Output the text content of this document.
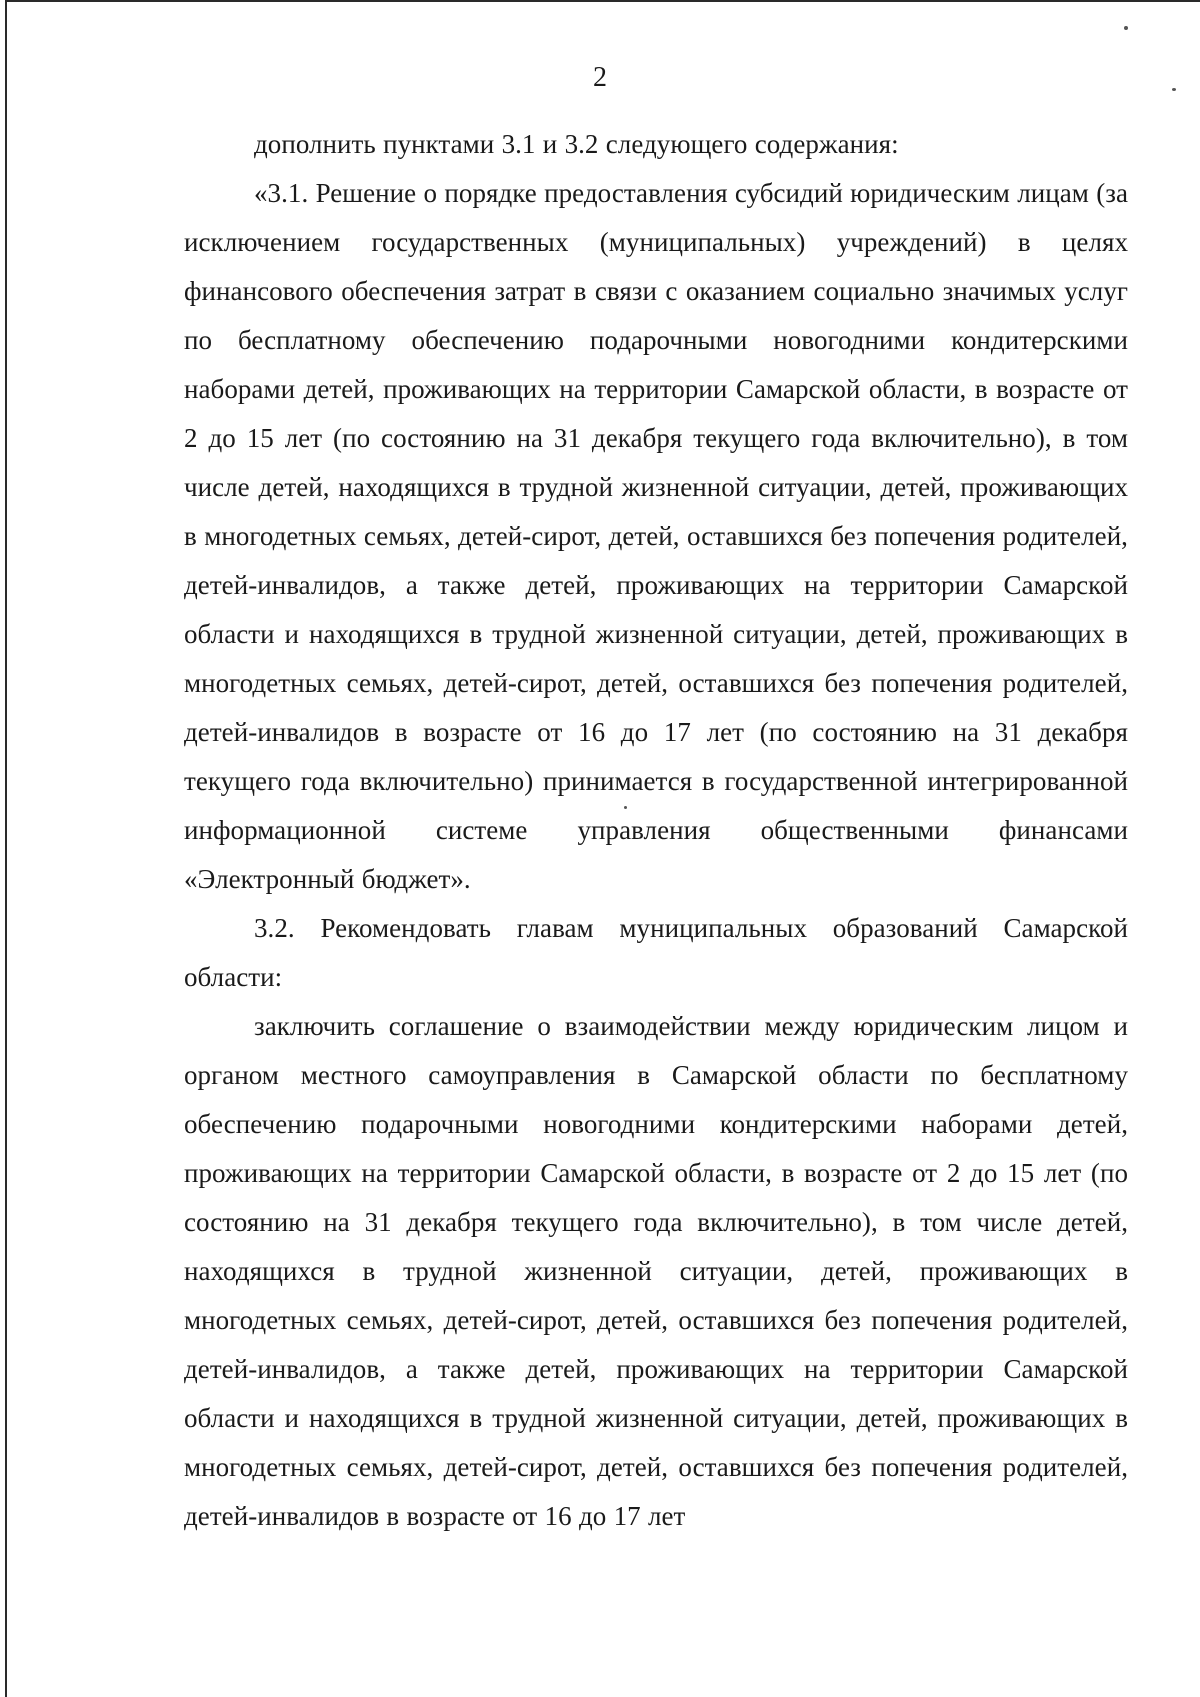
2

дополнить пунктами 3.1 и 3.2 следующего содержания:

«3.1. Решение о порядке предоставления субсидий юридическим лицам (за исключением государственных (муниципальных) учреждений) в целях финансового обеспечения затрат в связи с оказанием социально значимых услуг по бесплатному обеспечению подарочными новогодними кондитерскими наборами детей, проживающих на территории Самарской области, в возрасте от 2 до 15 лет (по состоянию на 31 декабря текущего года включительно), в том числе детей, находящихся в трудной жизненной ситуации, детей, проживающих в многодетных семьях, детей-сирот, детей, оставшихся без попечения родителей, детей-инвалидов, а также детей, проживающих на территории Самарской области и находящихся в трудной жизненной ситуации, детей, проживающих в многодетных семьях, детей-сирот, детей, оставшихся без попечения родителей, детей-инвалидов в возрасте от 16 до 17 лет (по состоянию на 31 декабря текущего года включительно) принимается в государственной интегрированной информационной системе управления общественными финансами «Электронный бюджет».

3.2. Рекомендовать главам муниципальных образований Самарской области:

заключить соглашение о взаимодействии между юридическим лицом и органом местного самоуправления в Самарской области по бесплатному обеспечению подарочными новогодними кондитерскими наборами детей, проживающих на территории Самарской области, в возрасте от 2 до 15 лет (по состоянию на 31 декабря текущего года включительно), в том числе детей, находящихся в трудной жизненной ситуации, детей, проживающих в многодетных семьях, детей-сирот, детей, оставшихся без попечения родителей, детей-инвалидов, а также детей, проживающих на территории Самарской области и находящихся в трудной жизненной ситуации, детей, проживающих в многодетных семьях, детей-сирот, детей, оставшихся без попечения родителей, детей-инвалидов в возрасте от 16 до 17 лет
